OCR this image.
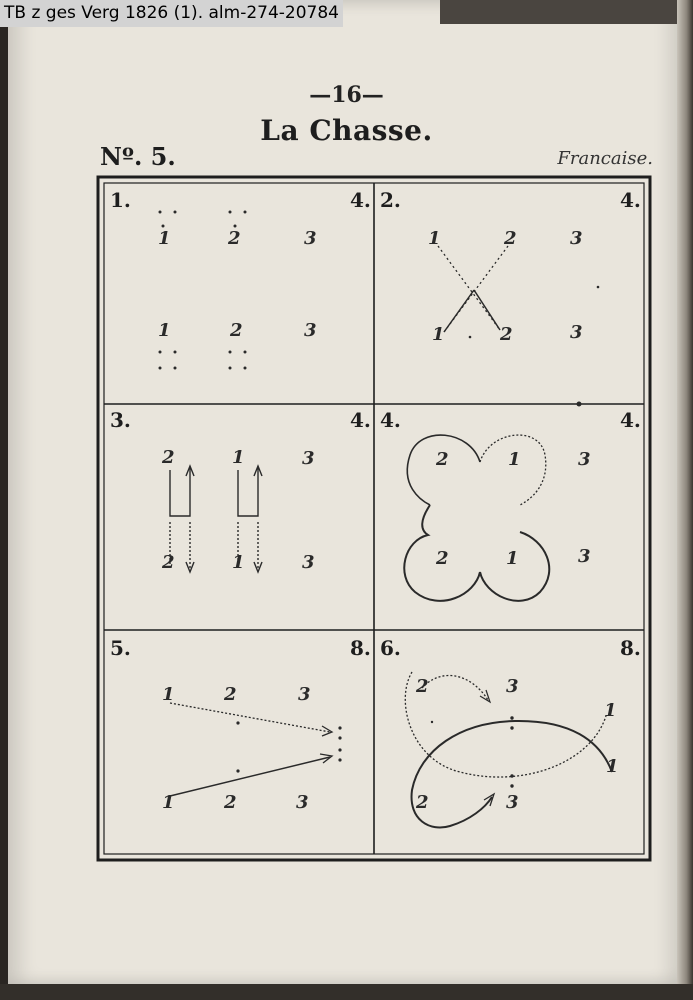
TB z ges Verg 1826 (1). alm-274-20784
—16—
La Chasse.
Nº. 5.	Francaise.
1.	4.
1	2	3
1	2	3
2.	4.
1	2	3
1	2	3
3.	4.
2	1	3
2	1	3
4.	4.
2	1	3
2	1	3
5.	8.
1	2	3
1	2	3
6.	8.
2	3
1
1
2	3
